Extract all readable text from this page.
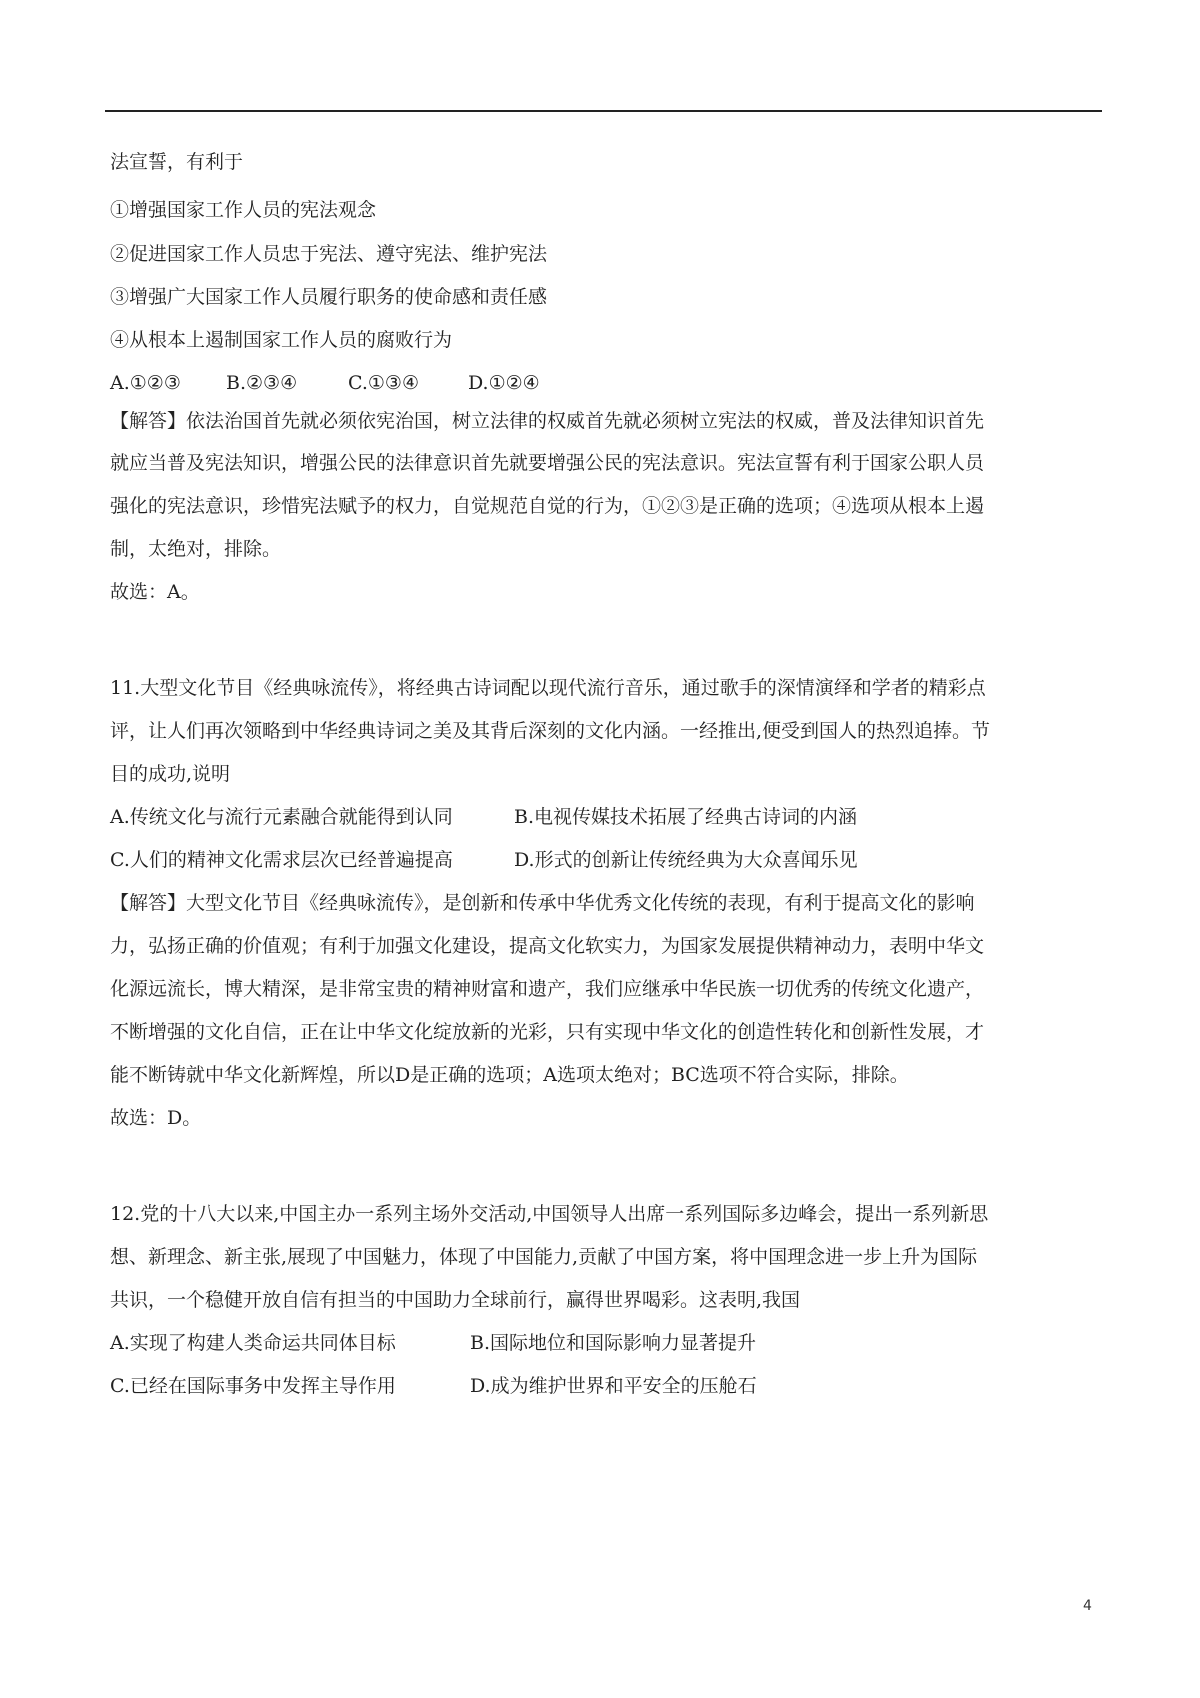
法宣誓，有利于

①增强国家工作人员的宪法观念

②促进国家工作人员忠于宪法、遵守宪法、维护宪法

③增强广大国家工作人员履行职务的使命感和责任感

④从根本上遏制国家工作人员的腐败行为

A.①②③ B.②③④	C.①③④	D.①②④

【解答】依法治国首先就必须依宪治国，树立法律的权威首先就必须树立宪法的权威，普及法律知识首先

就应当普及宪法知识，增强公民的法律意识首先就要增强公民的宪法意识。宪法宣誓有利于国家公职人员

强化的宪法意识，珍惜宪法赋予的权力，自觉规范自觉的行为，①②③是正确的选项；④选项从根本上遏

制，太绝对，排除。

故选：A。

11.大型文化节目《经典咏流传》，将经典古诗词配以现代流行音乐，通过歌手的深情演绎和学者的精彩点

评，让人们再次领略到中华经典诗词之美及其背后深刻的文化内涵。一经推出,便受到国人的热烈追捧。节

目的成功,说明

A.传统文化与流行元素融合就能得到认同	B.电视传媒技术拓展了经典古诗词的内涵
C.人们的精神文化需求层次已经普遍提高	D.形式的创新让传统经典为大众喜闻乐见

【解答】大型文化节目《经典咏流传》，是创新和传承中华优秀文化传统的表现，有利于提高文化的影响

力，弘扬正确的价值观；有利于加强文化建设，提高文化软实力，为国家发展提供精神动力，表明中华文

化源远流长，博大精深，是非常宝贵的精神财富和遗产，我们应继承中华民族一切优秀的传统文化遗产，

不断增强的文化自信，正在让中华文化绽放新的光彩，只有实现中华文化的创造性转化和创新性发展，才

能不断铸就中华文化新辉煌，所以D是正确的选项；A选项太绝对；BC选项不符合实际，排除。

故选：D。

12.党的十八大以来,中国主办一系列主场外交活动,中国领导人出席一系列国际多边峰会，提出一系列新思

想、新理念、新主张,展现了中国魅力，体现了中国能力,贡献了中国方案，将中国理念进一步上升为国际

共识，一个稳健开放自信有担当的中国助力全球前行，赢得世界喝彩。这表明,我国

A.实现了构建人类命运共同体目标	B.国际地位和国际影响力显著提升
C.已经在国际事务中发挥主导作用	D.成为维护世界和平安全的压舱石
4
